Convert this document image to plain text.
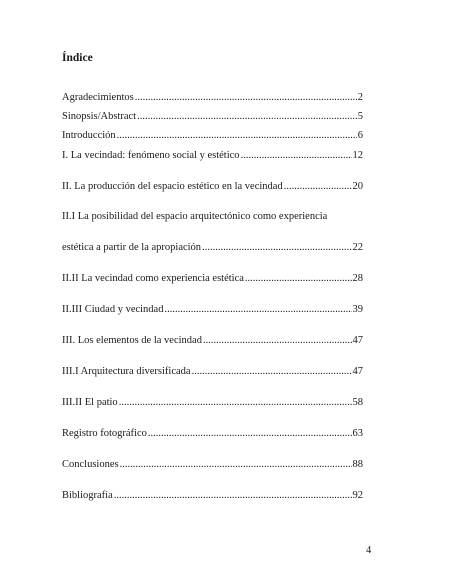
Índice
Agradecimientos .....	2
Sinopsis/Abstract .....	5
Introducción .....	6
I. La vecindad: fenómeno social y estético .....	12
II. La producción del espacio estético en la vecindad .....	20
II.I La posibilidad del espacio arquitectónico como experiencia
estética a partir de la apropiación .....	22
II.II La vecindad como experiencia estética .....	28
II.III Ciudad y vecindad .....	39
III. Los elementos de la vecindad .....	47
III.I Arquitectura diversificada .....	47
III.II El patio .....	58
Registro fotográfico .....	63
Conclusiones .....	88
Bibliografía .....	92
4
